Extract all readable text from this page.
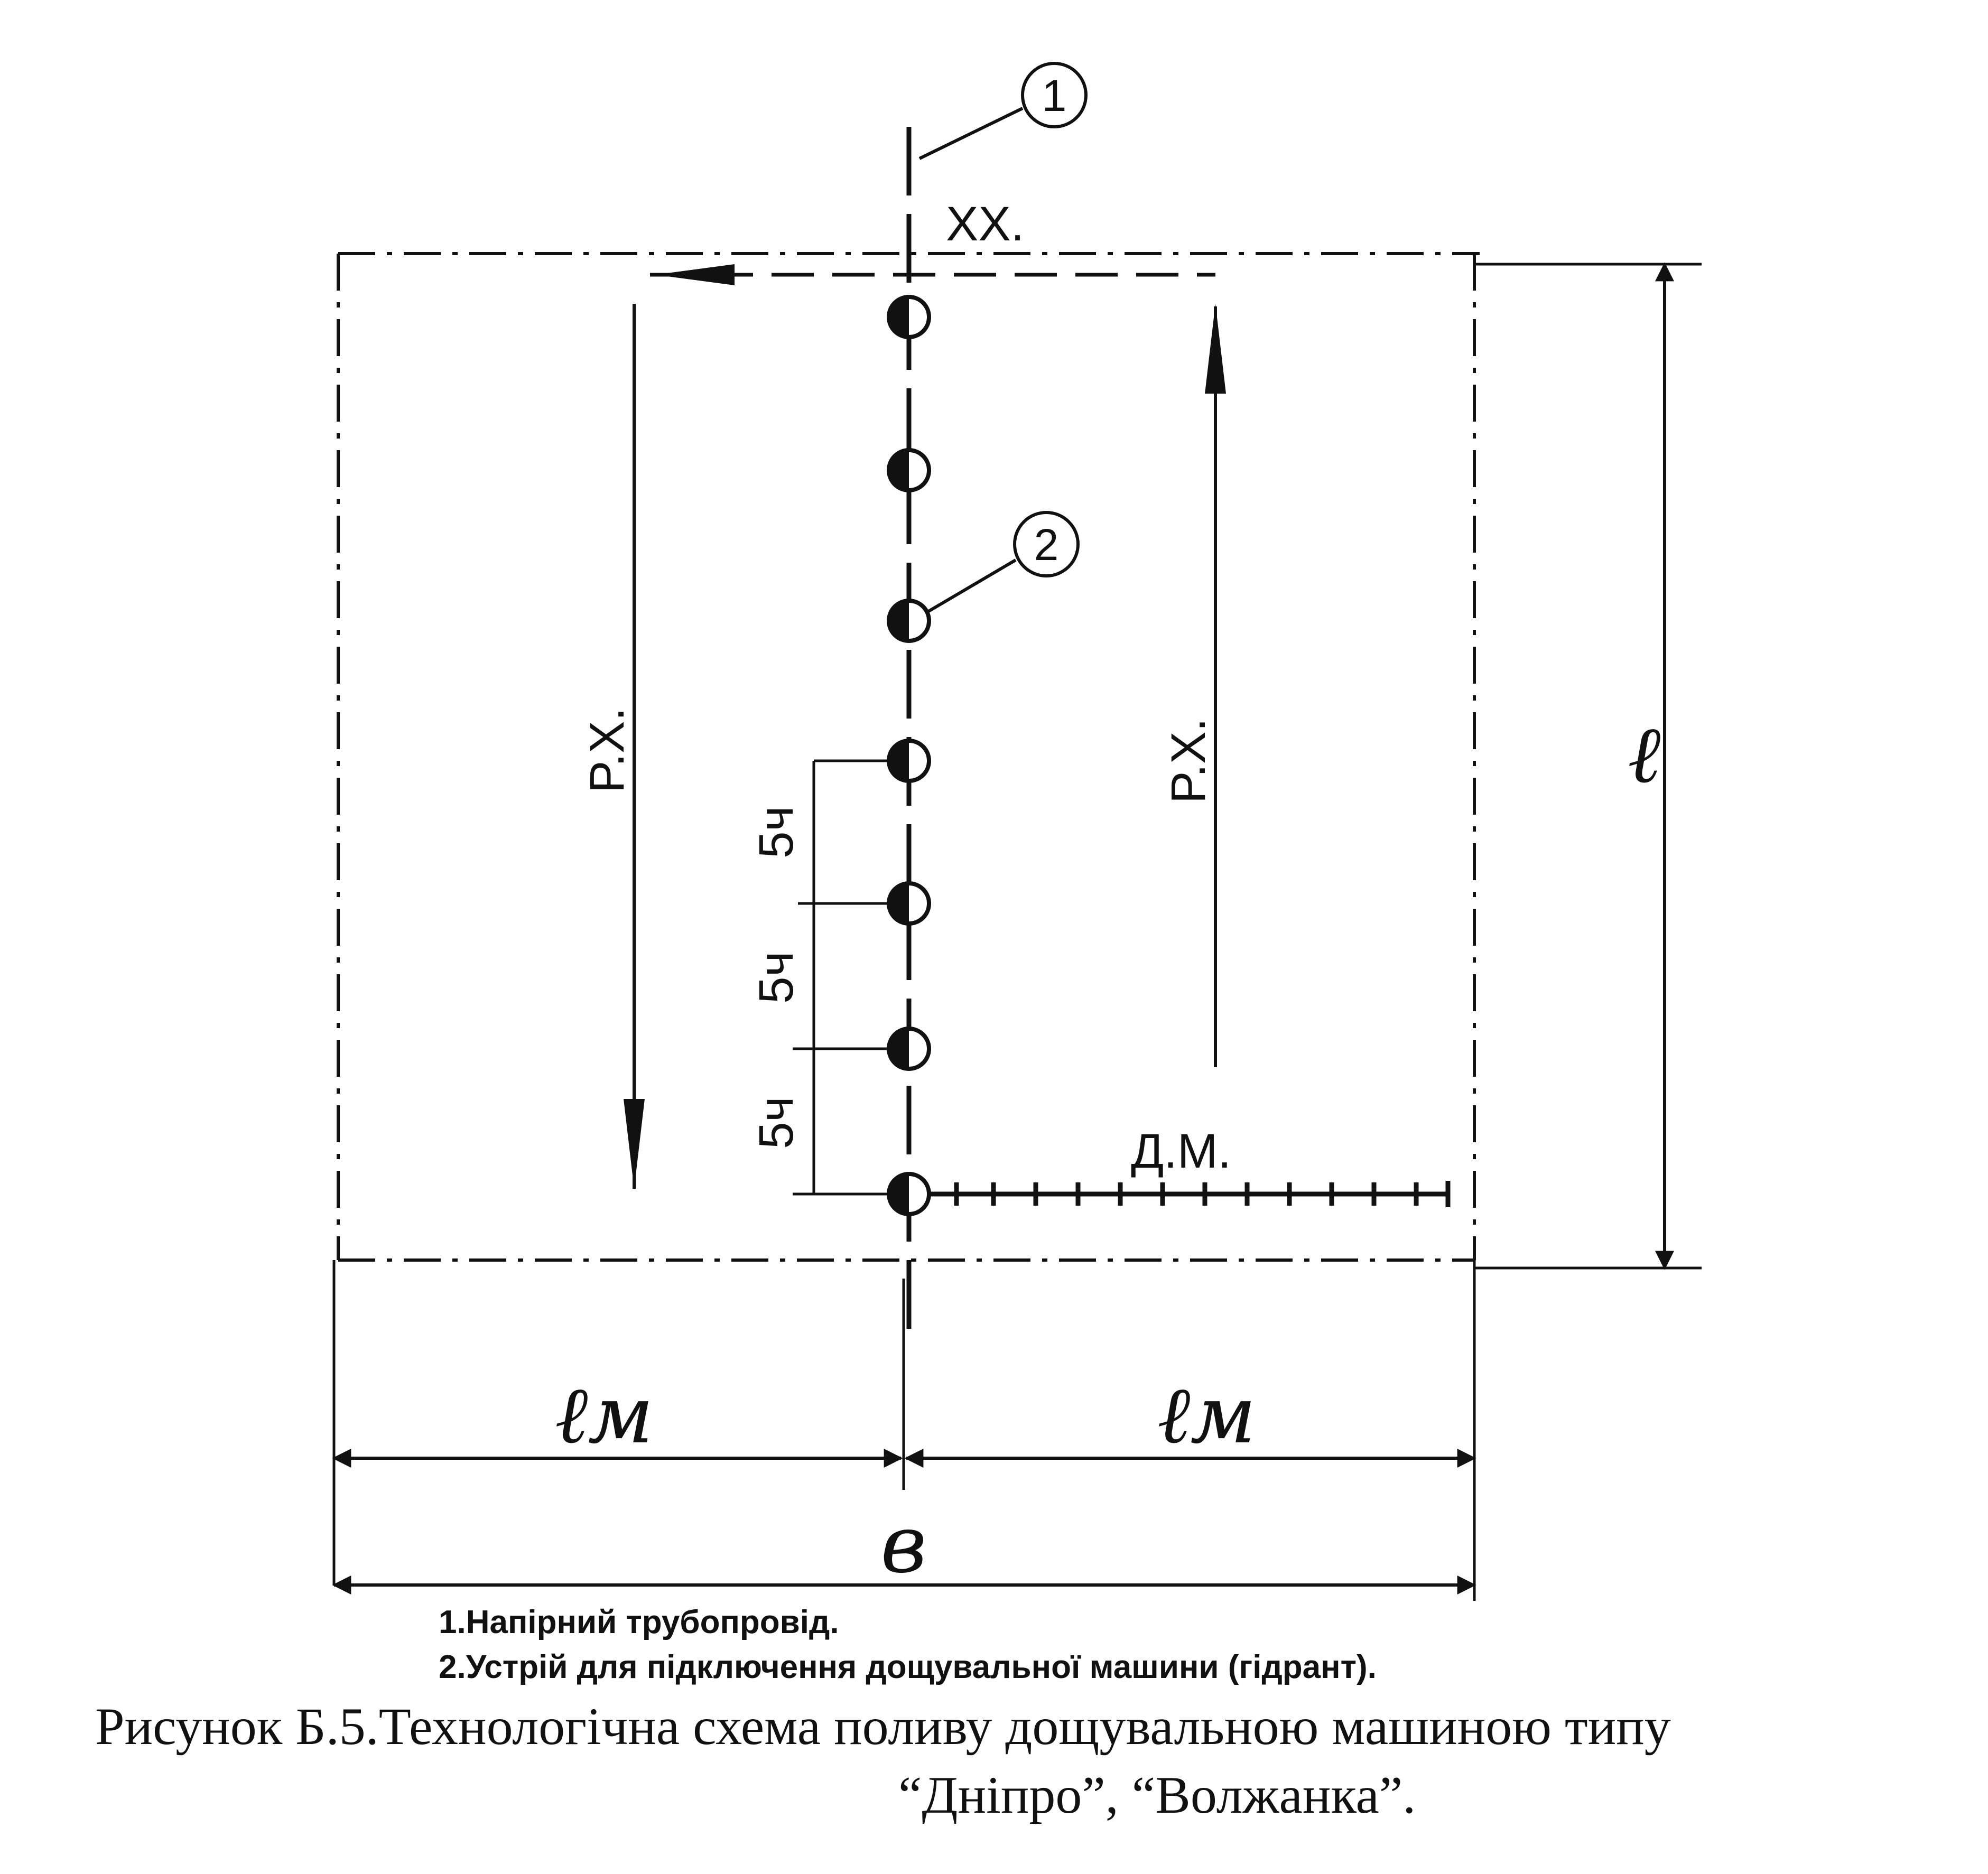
1
2
XX.
P.X.	P.X.
Д.М.
5ч
5ч
5ч
ℓ
ℓм	ℓм
в
1.Напірний трубопровід.
2.Устрій для підключення дощувальної машини (гідрант).
Рисунок Б.5.Технологічна схема поливу дощувальною машиною типу
“Дніпро”, “Волжанка”.
